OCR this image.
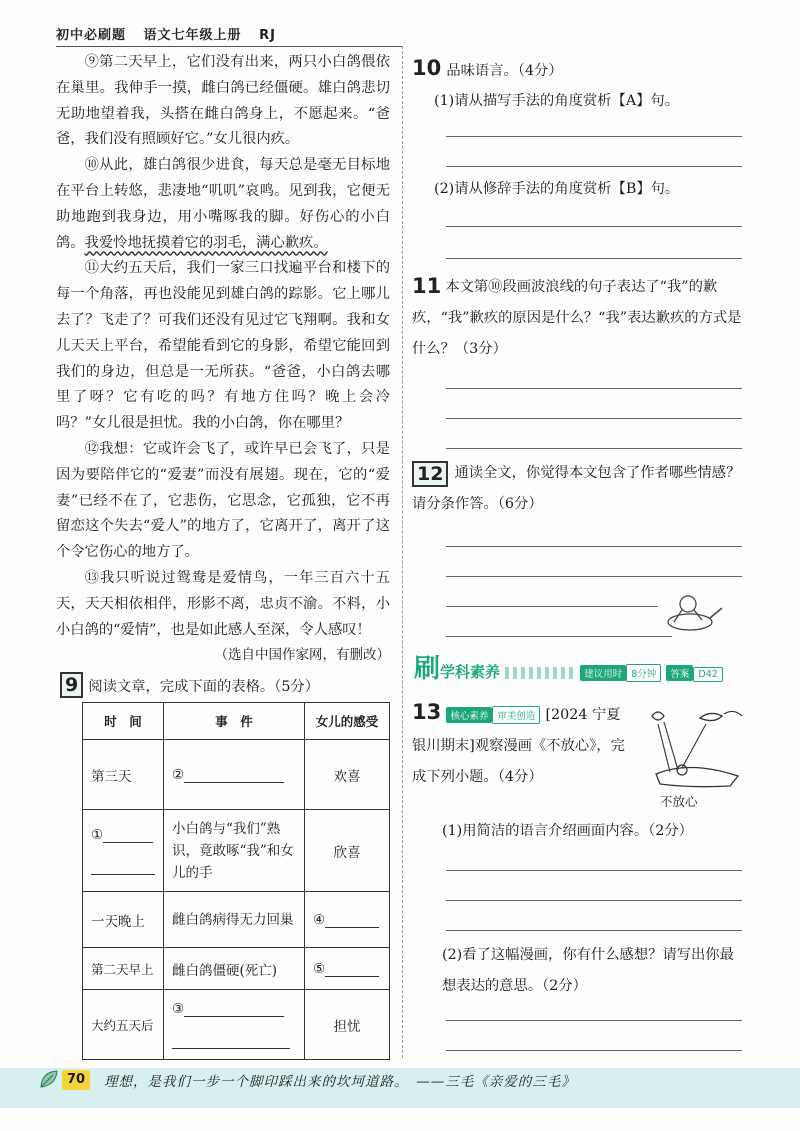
初中必刷题 语文七年级上册 RJ

⑨第二天早上，它们没有出来，两只小白鸽偎依在巢里。我伸手一摸，雌白鸽已经僵硬。雄白鸽悲切无助地望着我，头搭在雌白鸽身上，不愿起来。“爸爸，我们没有照顾好它。”女儿很内疚。

⑩从此，雄白鸽很少进食，每天总是毫无目标地在平台上转悠，悲凄地“叽叽”哀鸣。见到我，它便无助地跑到我身边，用小嘴啄我的脚。好伤心的小白鸽。我爱怜地抚摸着它的羽毛，满心歉疚。

⑪大约五天后，我们一家三口找遍平台和楼下的每一个角落，再也没能见到雄白鸽的踪影。它上哪儿去了？飞走了？可我们还没有见过它飞翔啊。我和女儿天天上平台，希望能看到它的身影，希望它能回到我们的身边，但总是一无所获。“爸爸，小白鸽去哪里了呀？它有吃的吗？有地方住吗？晚上会冷吗？”女儿很是担忧。我的小白鸽，你在哪里？

⑫我想：它或许会飞了，或许早已会飞了，只是因为要陪伴它的“爱妻”而没有展翅。现在，它的“爱妻”已经不在了，它悲伤，它思念，它孤独，它不再留恋这个失去“爱人”的地方了，它离开了，离开了这个令它伤心的地方了。

⑬我只听说过鸳鸯是爱情鸟，一年三百六十五天，天天相依相伴，形影不离，忠贞不渝。不料，小小白鸽的“爱情”，也是如此感人至深，令人感叹！

（选自中国作家网，有删改）
9 阅读文章，完成下面的表格。（5分）
时　间	事　件	女儿的感受
第三天	②	欢喜
①	小白鸽与“我们”熟识，竟敢啄“我”和女儿的手	欣喜
一天晚上	雌白鸽病得无力回巢	④
第二天早上	雌白鸽僵硬(死亡)	⑤
大约五天后	③	担忧
10 品味语言。（4分）
(1)请从描写手法的角度赏析【A】句。
(2)请从修辞手法的角度赏析【B】句。
11 本文第⑩段画波浪线的句子表达了“我”的歉疚，“我”歉疚的原因是什么？“我”表达歉疚的方式是什么？（3分）
12 通读全文，你觉得本文包含了作者哪些情感？请分条作答。（6分）
刷学科素养	建议用时 8分钟 答案 D42
13 核心素养 审美创造 [2024 宁夏银川期末]观察漫画《不放心》，完成下列小题。（4分）
不放心
(1)用简洁的语言介绍画面内容。（2分）
(2)看了这幅漫画，你有什么感想？请写出你最想表达的意思。（2分）
70	理想，是我们一步一个脚印踩出来的坎坷道路。　——三毛《亲爱的三毛》
